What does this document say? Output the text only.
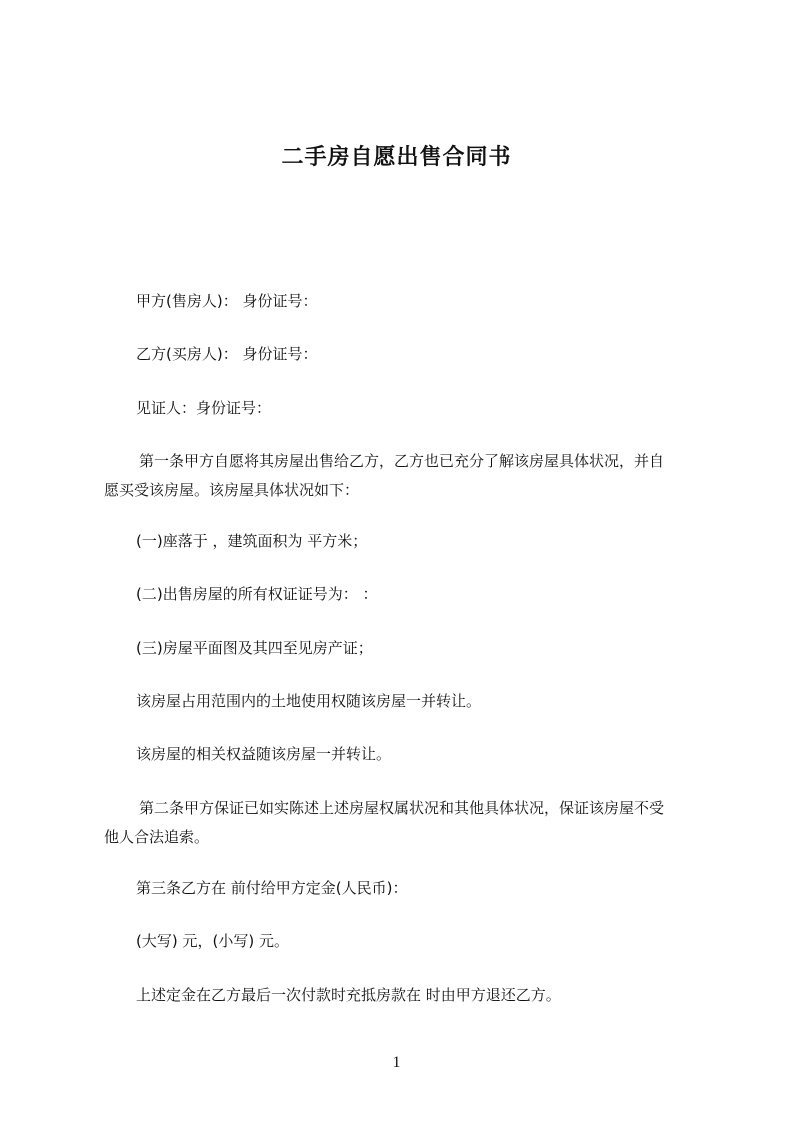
二手房自愿出售合同书
甲方(售房人)： 身份证号：
乙方(买房人)： 身份证号：
见证人：身份证号：
第一条甲方自愿将其房屋出售给乙方，乙方也已充分了解该房屋具体状况，并自
愿买受该房屋。该房屋具体状况如下：
(一)座落于 ，建筑面积为 平方米；
(二)出售房屋的所有权证证号为： ：
(三)房屋平面图及其四至见房产证；
该房屋占用范围内的土地使用权随该房屋一并转让。
该房屋的相关权益随该房屋一并转让。
第二条甲方保证已如实陈述上述房屋权属状况和其他具体状况，保证该房屋不受
他人合法追索。
第三条乙方在 前付给甲方定金(人民币)：
(大写) 元，(小写) 元。
上述定金在乙方最后一次付款时充抵房款在 时由甲方退还乙方。
1
